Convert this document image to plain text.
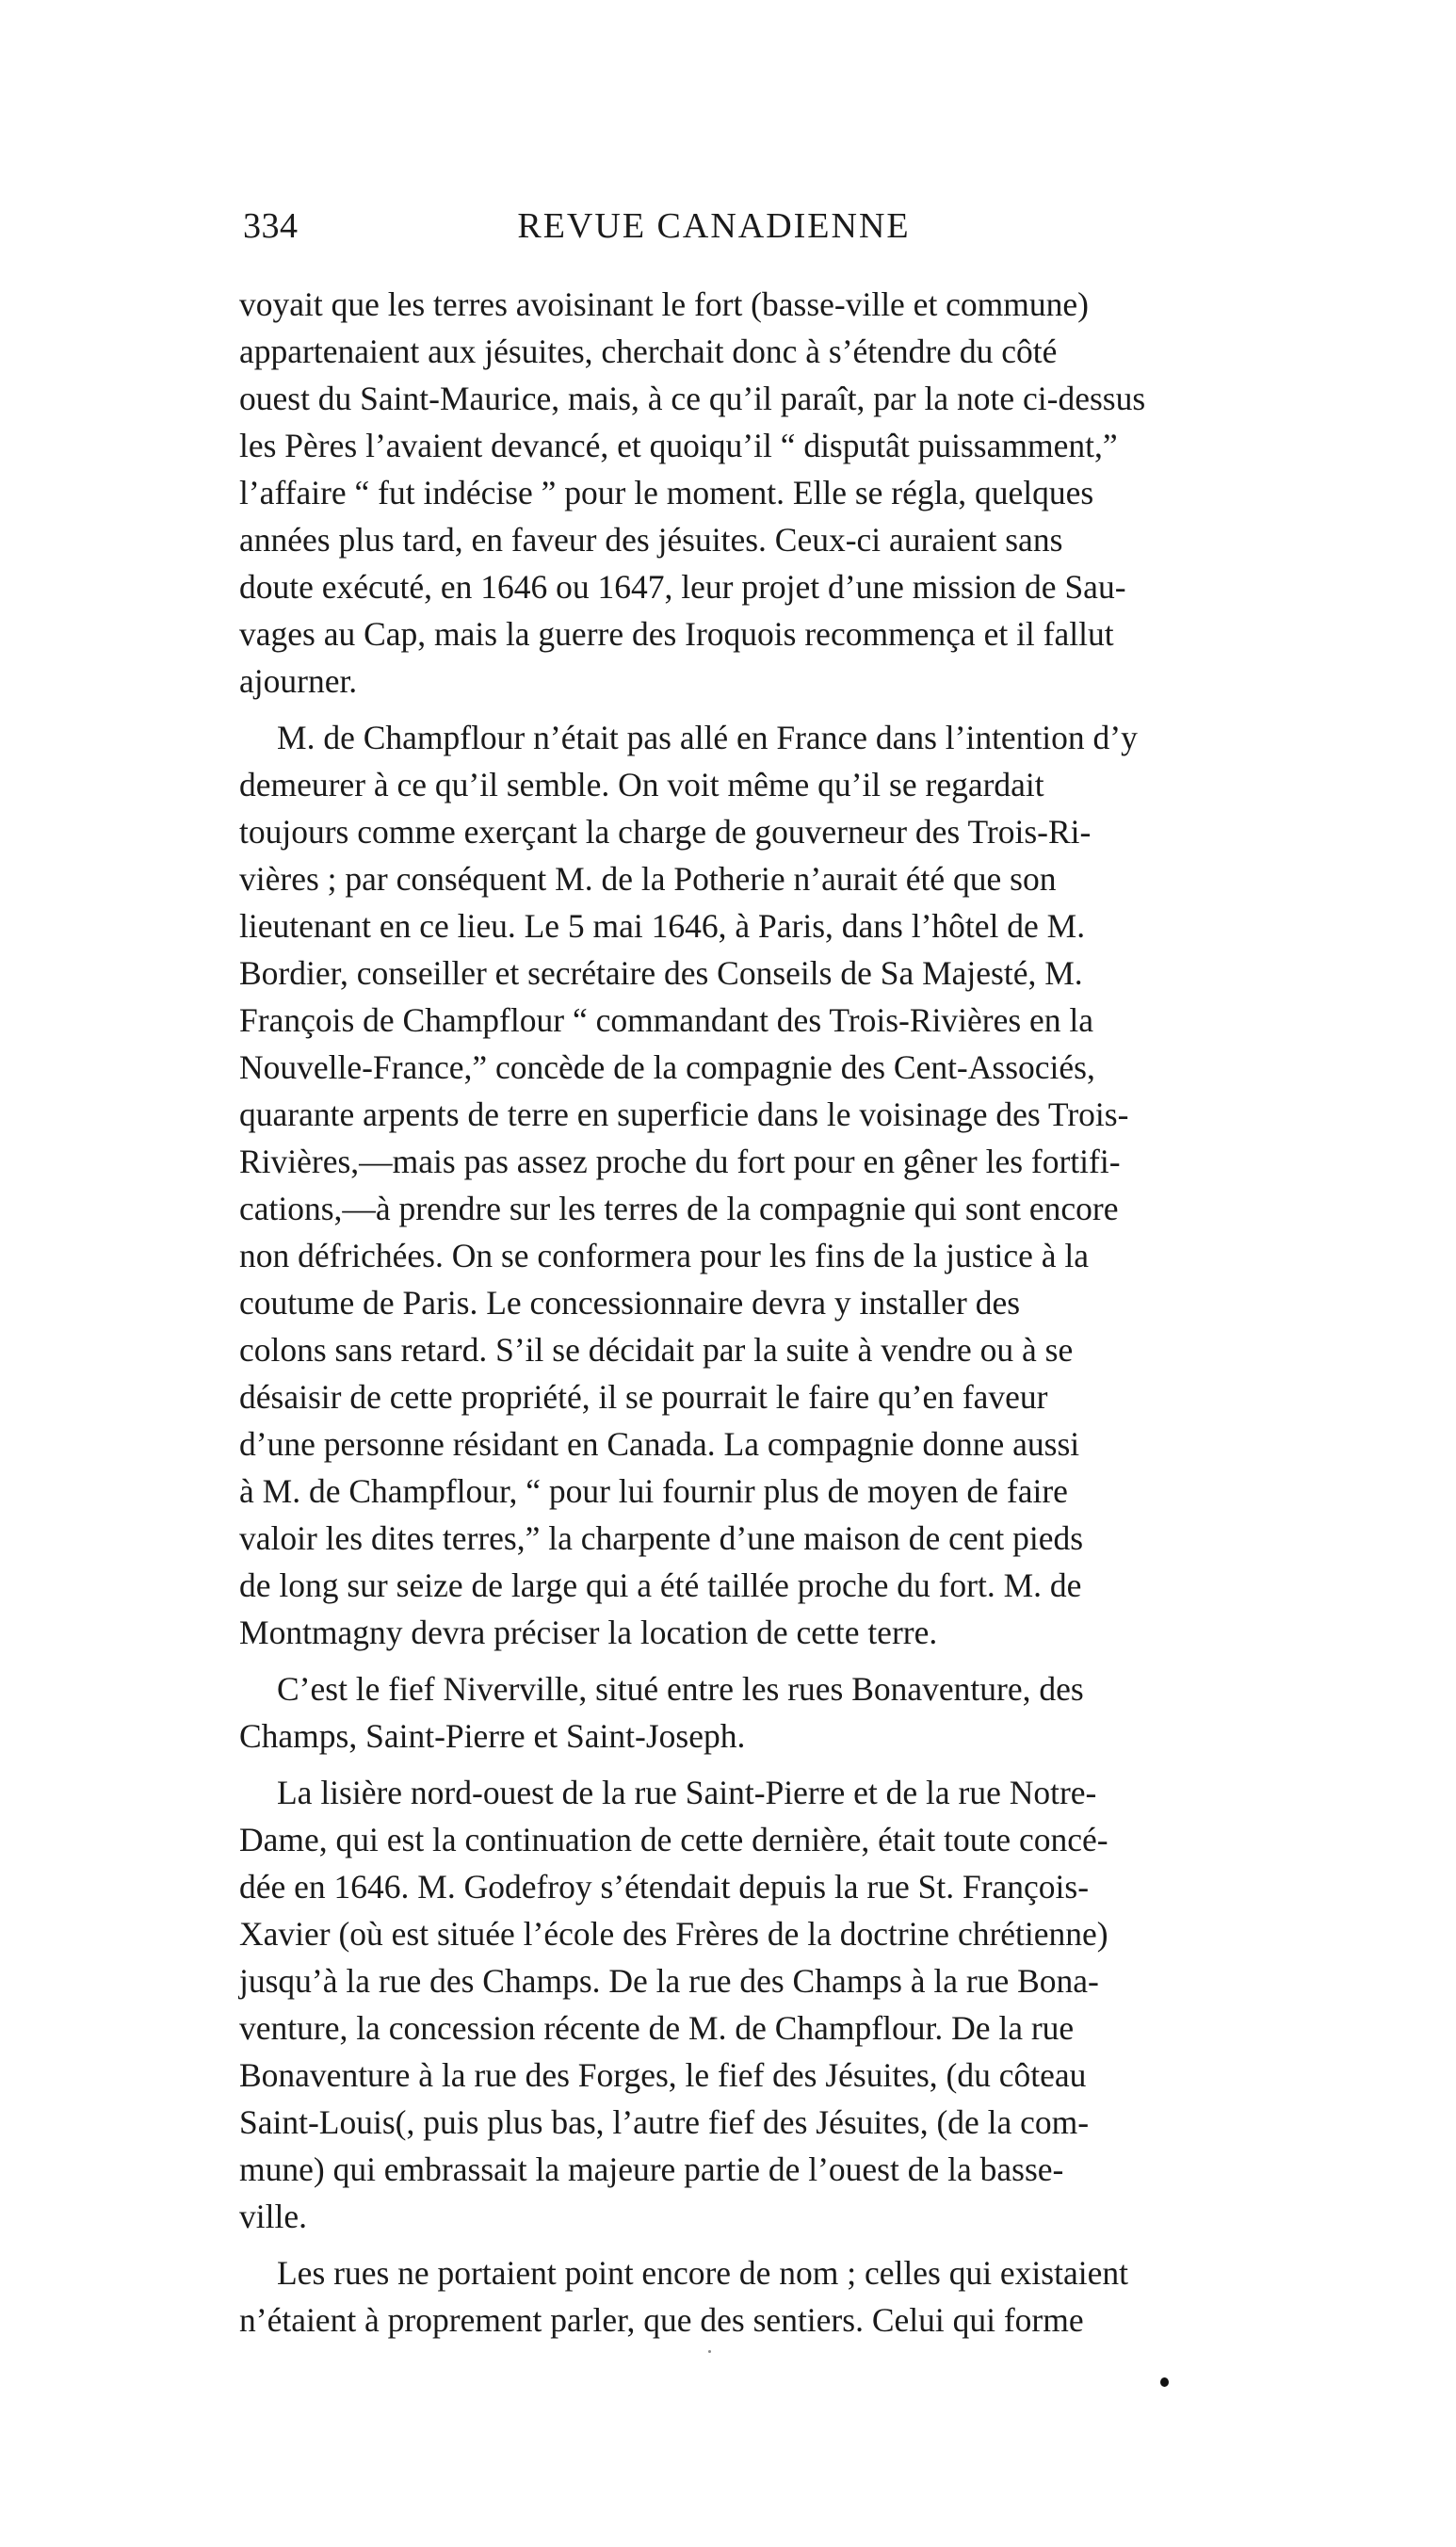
334	REVUE CANADIENNE

voyait que les terres avoisinant le fort (basse-ville et commune)
appartenaient aux jésuites, cherchait donc à s’étendre du côté
ouest du Saint-Maurice, mais, à ce qu’il paraît, par la note ci-dessus
les Pères l’avaient devancé, et quoiqu’il “ disputât puissamment,”
l’affaire “ fut indécise ” pour le moment. Elle se régla, quelques
années plus tard, en faveur des jésuites. Ceux-ci auraient sans
doute exécuté, en 1646 ou 1647, leur projet d’une mission de Sau-
vages au Cap, mais la guerre des Iroquois recommença et il fallut
ajourner.

M. de Champflour n’était pas allé en France dans l’intention d’y
demeurer à ce qu’il semble. On voit même qu’il se regardait
toujours comme exerçant la charge de gouverneur des Trois-Ri-
vières ; par conséquent M. de la Potherie n’aurait été que son
lieutenant en ce lieu. Le 5 mai 1646, à Paris, dans l’hôtel de M.
Bordier, conseiller et secrétaire des Conseils de Sa Majesté, M.
François de Champflour “ commandant des Trois-Rivières en la
Nouvelle-France,” concède de la compagnie des Cent-Associés,
quarante arpents de terre en superficie dans le voisinage des Trois-
Rivières,—mais pas assez proche du fort pour en gêner les fortifi-
cations,—à prendre sur les terres de la compagnie qui sont encore
non défrichées. On se conformera pour les fins de la justice à la
coutume de Paris. Le concessionnaire devra y installer des
colons sans retard. S’il se décidait par la suite à vendre ou à se
désaisir de cette propriété, il se pourrait le faire qu’en faveur
d’une personne résidant en Canada. La compagnie donne aussi
à M. de Champflour, “ pour lui fournir plus de moyen de faire
valoir les dites terres,” la charpente d’une maison de cent pieds
de long sur seize de large qui a été taillée proche du fort. M. de
Montmagny devra préciser la location de cette terre.

C’est le fief Niverville, situé entre les rues Bonaventure, des
Champs, Saint-Pierre et Saint-Joseph.

La lisière nord-ouest de la rue Saint-Pierre et de la rue Notre-
Dame, qui est la continuation de cette dernière, était toute concé-
dée en 1646. M. Godefroy s’étendait depuis la rue St. François-
Xavier (où est située l’école des Frères de la doctrine chrétienne)
jusqu’à la rue des Champs. De la rue des Champs à la rue Bona-
venture, la concession récente de M. de Champflour. De la rue
Bonaventure à la rue des Forges, le fief des Jésuites, (du côteau
Saint-Louis(, puis plus bas, l’autre fief des Jésuites, (de la com-
mune) qui embrassait la majeure partie de l’ouest de la basse-
ville.

Les rues ne portaient point encore de nom ; celles qui existaient
n’étaient à proprement parler, que des sentiers. Celui qui forme
